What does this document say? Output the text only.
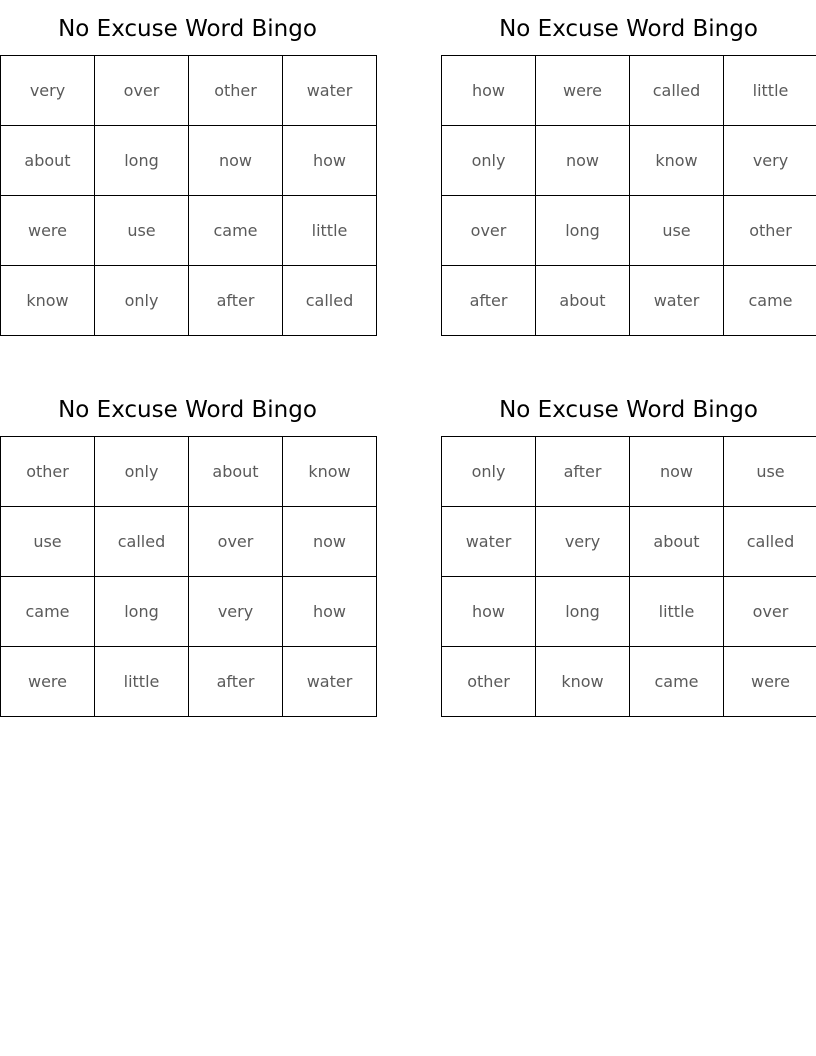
No Excuse Word Bingo
very	over	other	water
about	long	now	how
were	use	came	little
know	only	after	called
No Excuse Word Bingo
how	were	called	little
only	now	know	very
over	long	use	other
after	about	water	came
No Excuse Word Bingo
other	only	about	know
use	called	over	now
came	long	very	how
were	little	after	water
No Excuse Word Bingo
only	after	now	use
water	very	about	called
how	long	little	over
other	know	came	were
